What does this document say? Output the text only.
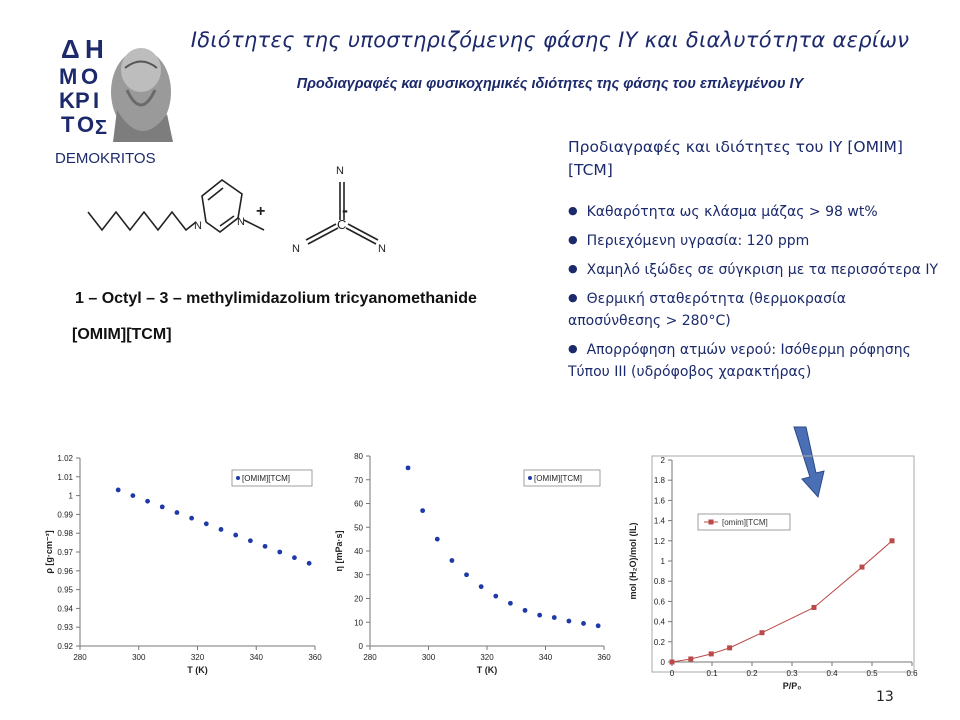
Ιδιότητες της υποστηριζόμενης φάσης ΙΥ και διαλυτότητα αερίων
Προδιαγραφές και φυσικοχημικές ιδιότητες της φάσης του επιλεγμένου ΙΥ
Δ Η
Μ Ο
Κ Ρ Ι
Τ Ο Σ
DEMOKRITOS
N	N
+
N
C
-
N	N
1 – Octyl – 3 – methylimidazolium tricyanomethanide
[OMIM][TCM]
Προδιαγραφές και ιδιότητες του ΙΥ [OMIM][TCM]
● Καθαρότητα ως κλάσμα μάζας > 98 wt%
● Περιεχόμενη υγρασία: 120 ppm
● Χαμηλό ιξώδες σε σύγκριση με τα περισσότερα ΙΥ
● Θερμική σταθερότητα (θερμοκρασία αποσύνθεσης > 280°C)
● Απορρόφηση ατμών νερού: Ισόθερμη ρόφησης Τύπου ΙΙΙ (υδρόφοβος χαρακτήρας)
280	300	320	340	360
0.92
0.93
0.94
0.95
0.96
0.97
0.98
0.99
1
1.01
1.02
T (K)
ρ [g·cm⁻³]
[OMIM][TCM]
280	300	320	340	360
0
10
20
30
40
50
60
70
80
T (K)
η [mPa·s]
[OMIM][TCM]
0	0.1	0.2	0.3	0.4	0.5	0.6
0
0.2
0.4
0.6
0.8
1
1.2
1.4
1.6
1.8
2
P/P₀
mol (H₂O)/mol (IL)	[omim][TCM]
13
